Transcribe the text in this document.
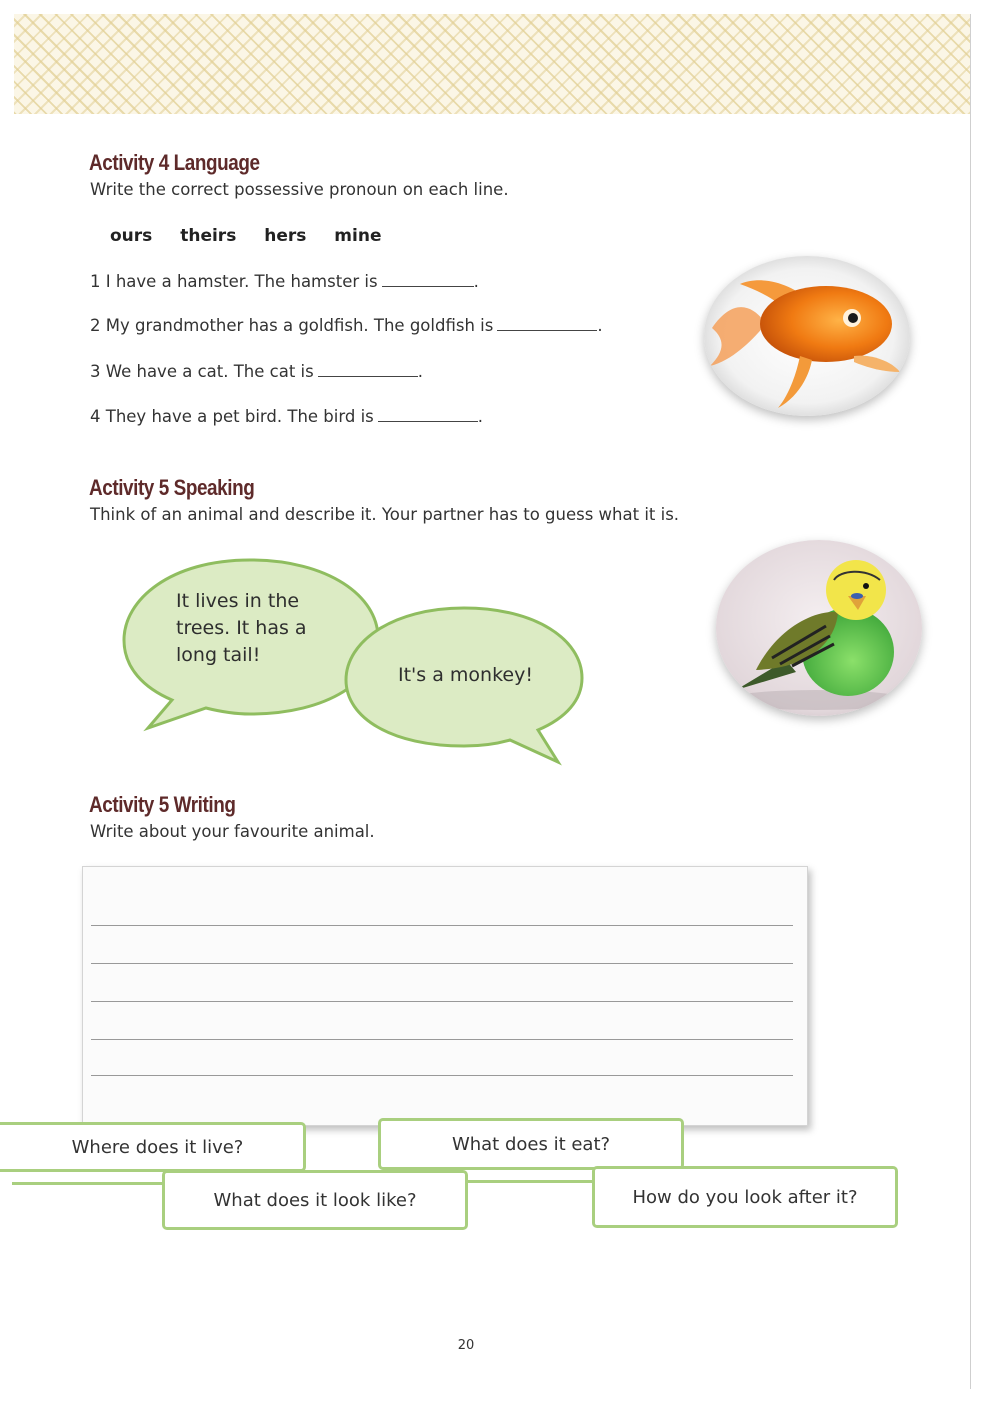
Activity 4 Language
Write the correct possessive pronoun on each line.
ours theirs hers mine
1 I have a hamster. The hamster is	.
2 My grandmother has a goldfish. The goldfish is	.
3 We have a cat. The cat is	.
4 They have a pet bird. The bird is	.
Activity 5 Speaking
Think of an animal and describe it. Your partner has to guess what it is.
It lives in the
trees. It has a
long tail!
It's a monkey!
Activity 5 Writing
Write about your favourite animal.
Where does it live?	What does it eat?
What does it look like?	How do you look after it?
20
